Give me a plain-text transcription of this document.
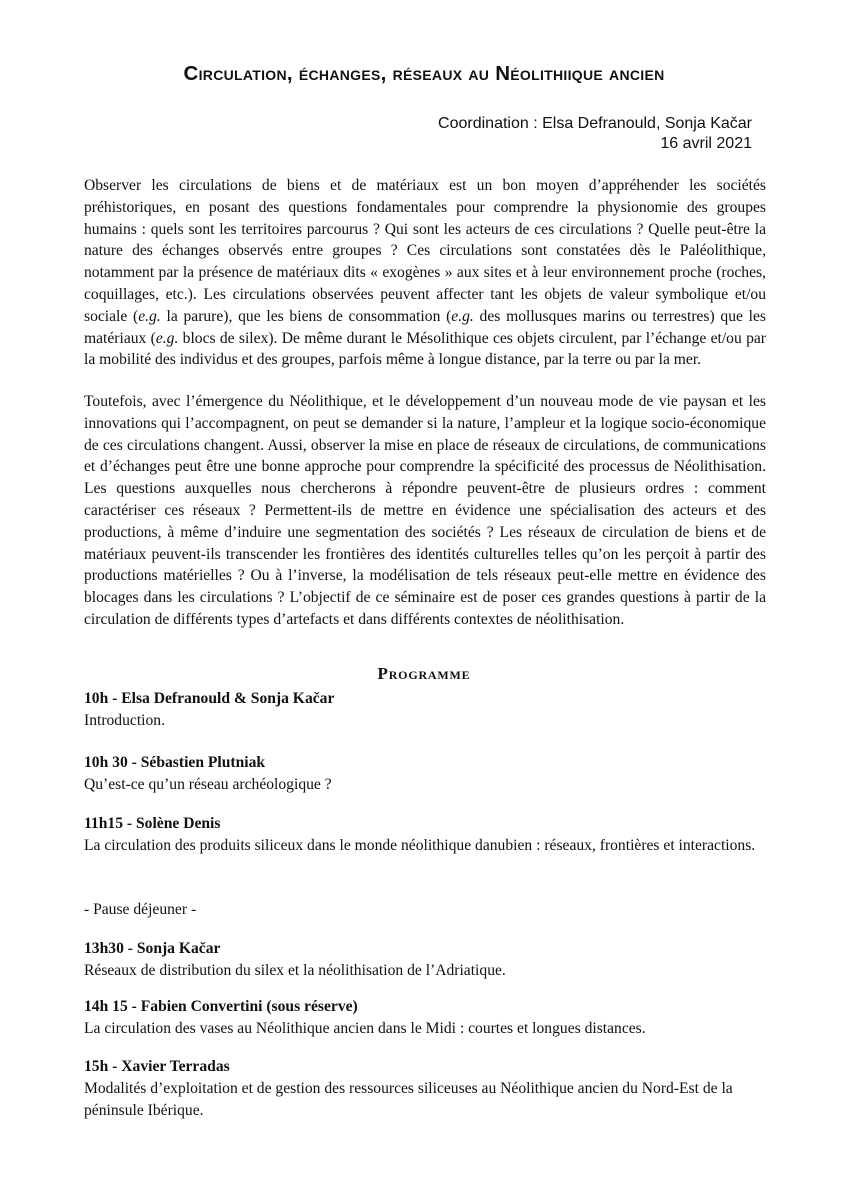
Circulation, échanges, réseaux au Néolithiique ancien
Coordination : Elsa Defranould, Sonja Kačar
16 avril 2021

Observer les circulations de biens et de matériaux est un bon moyen d’appréhender les sociétés préhistoriques, en posant des questions fondamentales pour comprendre la physionomie des groupes humains : quels sont les territoires parcourus ? Qui sont les acteurs de ces circulations ? Quelle peut-être la nature des échanges observés entre groupes ? Ces circulations sont constatées dès le Paléolithique, notamment par la présence de matériaux dits « exogènes » aux sites et à leur environnement proche (roches, coquillages, etc.). Les circulations observées peuvent affecter tant les objets de valeur symbolique et/ou sociale (e.g. la parure), que les biens de consommation (e.g. des mollusques marins ou terrestres) que les matériaux (e.g. blocs de silex). De même durant le Mésolithique ces objets circulent, par l’échange et/ou par la mobilité des individus et des groupes, parfois même à longue distance, par la terre ou par la mer.

Toutefois, avec l’émergence du Néolithique, et le développement d’un nouveau mode de vie paysan et les innovations qui l’accompagnent, on peut se demander si la nature, l’ampleur et la logique socio-économique de ces circulations changent. Aussi, observer la mise en place de réseaux de circulations, de communications et d’échanges peut être une bonne approche pour comprendre la spécificité des processus de Néolithisation. Les questions auxquelles nous chercherons à répondre peuvent-être de plusieurs ordres : comment caractériser ces réseaux ? Permettent-ils de mettre en évidence une spécialisation des acteurs et des productions, à même d’induire une segmentation des sociétés ? Les réseaux de circulation de biens et de matériaux peuvent-ils transcender les frontières des identités culturelles telles qu’on les perçoit à partir des productions matérielles ? Ou à l’inverse, la modélisation de tels réseaux peut-elle mettre en évidence des blocages dans les circulations ? L’objectif de ce séminaire est de poser ces grandes questions à partir de la circulation de différents types d’artefacts et dans différents contextes de néolithisation.

Programme
10h - Elsa Defranould & Sonja Kačar
Introduction.
10h 30 - Sébastien Plutniak
Qu’est-ce qu’un réseau archéologique ?
11h15 - Solène Denis
La circulation des produits siliceux dans le monde néolithique danubien : réseaux, frontières et interactions.
- Pause déjeuner -
13h30 - Sonja Kačar
Réseaux de distribution du silex et la néolithisation de l’Adriatique.
14h 15 - Fabien Convertini (sous réserve)
La circulation des vases au Néolithique ancien dans le Midi : courtes et longues distances.
15h - Xavier Terradas
Modalités d’exploitation et de gestion des ressources siliceuses au Néolithique ancien du Nord-Est de la péninsule Ibérique.
